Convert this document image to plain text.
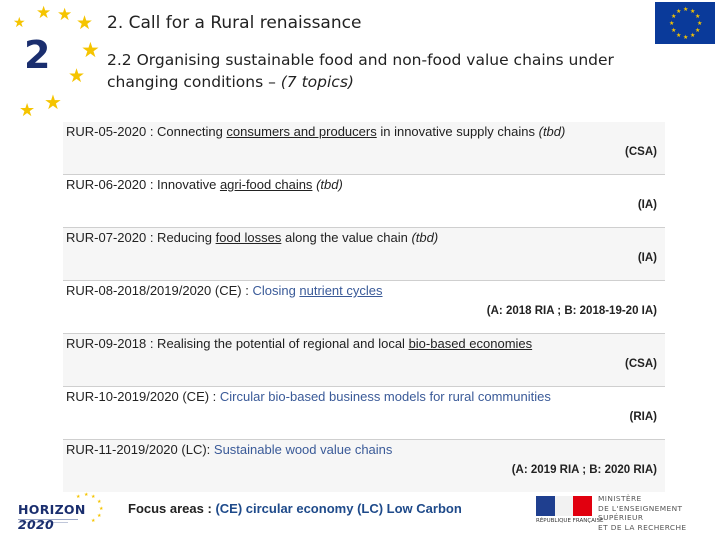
★ ★ ★ ★
★
★
★
★
2
2. Call for a Rural renaissance
2.2 Organising sustainable food and non-food value chains under changing conditions – (7 topics)
★ ★
★
★
★
★
★
★
★
★
★
★
RUR-05-2020 : Connecting consumers and producers in innovative supply chains (tbd)
(CSA)
RUR-06-2020 : Innovative agri-food chains (tbd)
(IA)
RUR-07-2020 : Reducing food losses along the value chain (tbd)
(IA)
RUR-08-2018/2019/2020 (CE) : Closing nutrient cycles
(A: 2018 RIA ; B: 2018-19-20 IA)
RUR-09-2018 : Realising the potential of regional and local bio-based economies
(CSA)
RUR-10-2019/2020 (CE) : Circular bio-based business models for rural communities
(RIA)
RUR-11-2019/2020 (LC): Sustainable wood value chains
(A: 2019 RIA ; B: 2020 RIA)
★ ★ ★
★
★
★
★
HORIZON 2020
Focus areas : (CE) circular economy (LC) Low Carbon
RÉPUBLIQUE FRANÇAISE
MINISTÈRE
DE L'ENSEIGNEMENT SUPÉRIEUR
ET DE LA RECHERCHE
